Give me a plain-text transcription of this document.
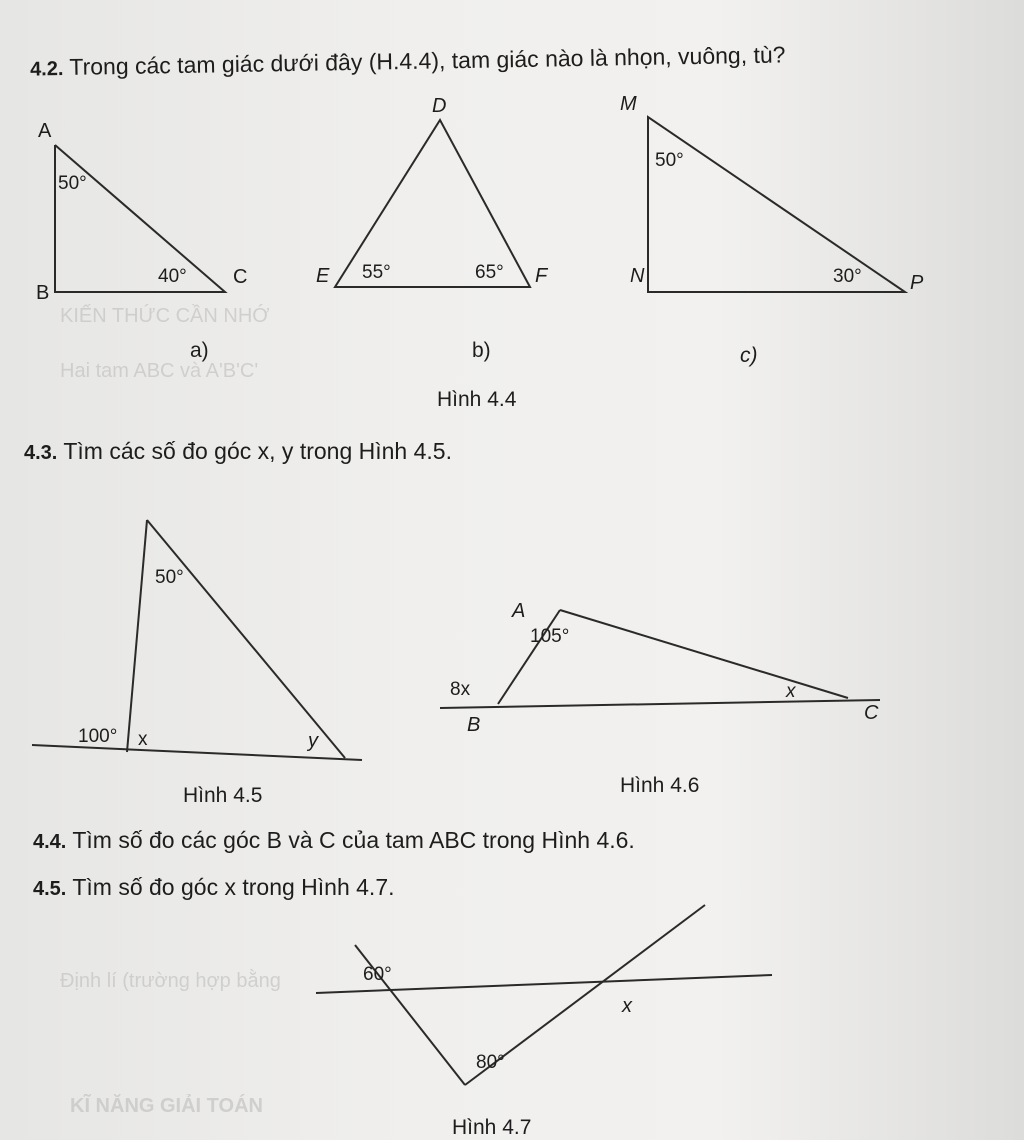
KIẾN THỨC CẦN NHỚ
Hai tam ABC và A'B'C'
Định lí (trường hợp bằng
KĨ NĂNG GIẢI TOÁN
4.2. Trong các tam giác dưới đây (H.4.4), tam giác nào là nhọn, vuông, tù?
A
B
C
50°
40°
a)
D
E	F
55°	65°
b)
M
N	P
50°
30°
c)
50°
100° x	y
A
B
C
105°
8x	x
60°
80°
x
Hình 4.4
4.3. Tìm các số đo góc x, y trong Hình 4.5.
Hình 4.5	Hình 4.6
4.4. Tìm số đo các góc B và C của tam ABC trong Hình 4.6.
4.5. Tìm số đo góc x trong Hình 4.7.
Hình 4.7
